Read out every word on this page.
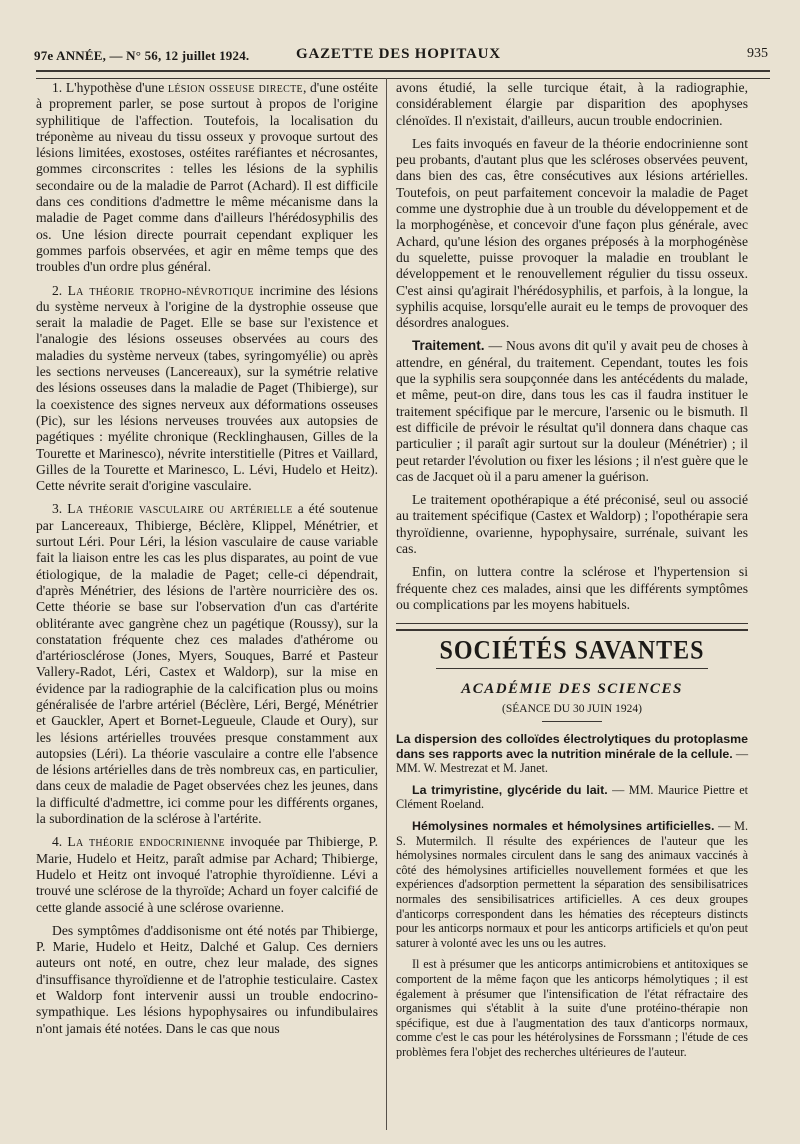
97e ANNÉE, — N° 56, 12 juillet 1924.	GAZETTE DES HOPITAUX	935

1. L'hypothèse d'une lésion osseuse directe, d'une ostéite à proprement parler, se pose surtout à propos de l'origine syphilitique de l'affection. Toutefois, la localisation du tréponème au niveau du tissu osseux y provoque surtout des lésions limitées, exostoses, ostéites raréfiantes et nécrosantes, gommes circonscrites : telles les lésions de la syphilis secondaire ou de la maladie de Parrot (Achard). Il est difficile dans ces conditions d'admettre le même mécanisme dans la maladie de Paget comme dans d'ailleurs l'hérédosyphilis des os. Une lésion directe pourrait cependant expliquer les gommes parfois observées, et agir en même temps que des troubles d'un ordre plus général.

2. La théorie tropho-névrotique incrimine des lésions du système nerveux à l'origine de la dystrophie osseuse que serait la maladie de Paget. Elle se base sur l'existence et l'analogie des lésions osseuses observées au cours des maladies du système nerveux (tabes, syringomyélie) ou après les sections nerveuses (Lancereaux), sur la symétrie relative des lésions osseuses dans la maladie de Paget (Thibierge), sur la coexistence des signes nerveux aux déformations osseuses (Pic), sur les lésions nerveuses trouvées aux autopsies de pagétiques : myélite chronique (Recklinghausen, Gilles de la Tourette et Marinesco), névrite interstitielle (Pitres et Vaillard, Gilles de la Tourette et Marinesco, L. Lévi, Hudelo et Heitz). Cette névrite serait d'origine vasculaire.

3. La théorie vasculaire ou artérielle a été soutenue par Lancereaux, Thibierge, Béclère, Klippel, Ménétrier, et surtout Léri. Pour Léri, la lésion vasculaire de cause variable fait la liaison entre les cas les plus disparates, au point de vue étiologique, de la maladie de Paget; celle-ci dépendrait, d'après Ménétrier, des lésions de l'artère nourricière des os. Cette théorie se base sur l'observation d'un cas d'artérite oblitérante avec gangrène chez un pagétique (Roussy), sur la constatation fréquente chez ces malades d'athérome ou d'artériosclérose (Jones, Myers, Souques, Barré et Pasteur Vallery-Radot, Léri, Castex et Waldorp), sur la mise en évidence par la radiographie de la calcification plus ou moins généralisée de l'arbre artériel (Béclère, Léri, Bergé, Ménétrier et Gauckler, Apert et Bornet-Legueule, Claude et Oury), sur les lésions artérielles trouvées presque constamment aux autopsies (Léri). La théorie vasculaire a contre elle l'absence de lésions artérielles dans de très nombreux cas, en particulier, dans ceux de maladie de Paget observées chez les jeunes, dans la difficulté d'admettre, ici comme pour les différents organes, la subordination de la sclérose à l'artérite.

4. La théorie endocrinienne invoquée par Thibierge, P. Marie, Hudelo et Heitz, paraît admise par Achard; Thibierge, Hudelo et Heitz ont invoqué l'atrophie thyroïdienne. Lévi a trouvé une sclérose de la thyroïde; Achard un foyer calcifié de cette glande associé à une sclérose ovarienne.

Des symptômes d'addisonisme ont été notés par Thibierge, P. Marie, Hudelo et Heitz, Dalché et Galup. Ces derniers auteurs ont noté, en outre, chez leur malade, des signes d'insuffisance thyroïdienne et de l'atrophie testiculaire. Castex et Waldorp font intervenir aussi un trouble endocrino-sympathique. Les lésions hypophysaires ou infundibulaires n'ont jamais été notées. Dans le cas que nous

avons étudié, la selle turcique était, à la radiographie, considérablement élargie par disparition des apophyses clénoïdes. Il n'existait, d'ailleurs, aucun trouble endocrinien.

Les faits invoqués en faveur de la théorie endocrinienne sont peu probants, d'autant plus que les scléroses observées peuvent, dans bien des cas, être consécutives aux lésions artérielles. Toutefois, on peut parfaitement concevoir la maladie de Paget comme une dystrophie due à un trouble du développement et de la morphogénèse, et concevoir d'une façon plus générale, avec Achard, qu'une lésion des organes préposés à la morphogénèse du squelette, puisse provoquer la maladie en troublant le développement et le renouvellement régulier du tissu osseux. C'est ainsi qu'agirait l'hérédosyphilis, et parfois, à la longue, la syphilis acquise, lorsqu'elle aurait eu le temps de provoquer des désordres analogues.

Traitement. — Nous avons dit qu'il y avait peu de choses à attendre, en général, du traitement. Cependant, toutes les fois que la syphilis sera soupçonnée dans les antécédents du malade, et même, peut-on dire, dans tous les cas il faudra instituer le traitement spécifique par le mercure, l'arsenic ou le bismuth. Il est difficile de prévoir le résultat qu'il donnera dans chaque cas particulier ; il paraît agir surtout sur la douleur (Ménétrier) ; il peut retarder l'évolution ou fixer les lésions ; il n'est guère que le cas de Jacquet où il a paru amener la guérison.

Le traitement opothérapique a été préconisé, seul ou associé au traitement spécifique (Castex et Waldorp) ; l'opothérapie sera thyroïdienne, ovarienne, hypophysaire, surrénale, suivant les cas.

Enfin, on luttera contre la sclérose et l'hypertension si fréquente chez ces malades, ainsi que les différents symptômes ou complications par les moyens habituels.

SOCIÉTÉS SAVANTES
ACADÉMIE DES SCIENCES
(SÉANCE DU 30 JUIN 1924)

La dispersion des colloïdes électrolytiques du protoplasme dans ses rapports avec la nutrition minérale de la cellule. — MM. W. Mestrezat et M. Janet.

La trimyristine, glycéride du lait. — MM. Maurice Piettre et Clément Roeland.

Hémolysines normales et hémolysines artificielles. — M. S. Mutermilch. Il résulte des expériences de l'auteur que les hémolysines normales circulent dans le sang des animaux vaccinés à côté des hémolysines artificielles nouvellement formées et que les expériences d'adsorption permettent la séparation des sensibilisatrices normales des sensibilisatrices artificielles. A ces deux groupes d'anticorps correspondent dans les hématies des récepteurs distincts pour les anticorps normaux et pour les anticorps artificiels et qu'on peut saturer à volonté avec les uns ou les autres.

Il est à présumer que les anticorps antimicrobiens et antitoxiques se comportent de la même façon que les anticorps hémolytiques ; il est également à présumer que l'intensification de l'état réfractaire des organismes qui s'établit à la suite d'une protéino-thérapie non spécifique, est due à l'augmentation des taux d'anticorps normaux, comme c'est le cas pour les hétérolysines de Forssmann ; l'étude de ces problèmes fera l'objet des recherches ultérieures de l'auteur.
